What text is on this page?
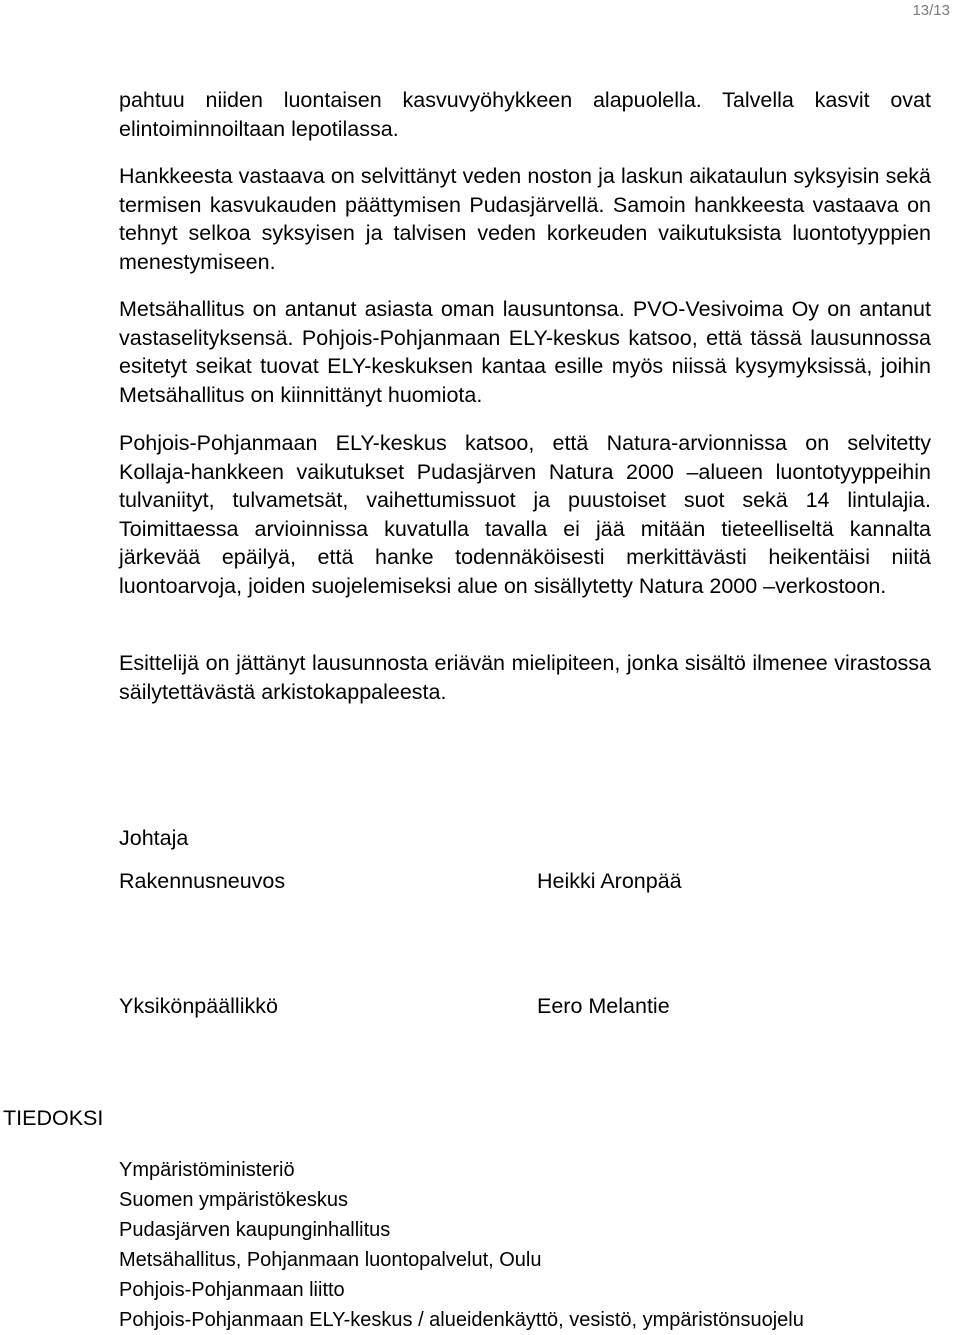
13/13

pahtuu niiden luontaisen kasvuvyöhykkeen alapuolella. Talvella kasvit ovat elintoiminnoiltaan lepotilassa.

Hankkeesta vastaava on selvittänyt veden noston ja laskun aikataulun syksyisin sekä termisen kasvukauden päättymisen Pudasjärvellä. Samoin hankkeesta vastaava on tehnyt selkoa syksyisen ja talvisen veden korkeuden vaikutuksista luontotyyppien menestymiseen.

Metsähallitus on antanut asiasta oman lausuntonsa. PVO-Vesivoima Oy on antanut vastaselityksensä. Pohjois-Pohjanmaan ELY-keskus katsoo, että tässä lausunnossa esitetyt seikat tuovat ELY-keskuksen kantaa esille myös niissä kysymyksissä, joihin Metsähallitus on kiinnittänyt huomiota.

Pohjois-Pohjanmaan ELY-keskus katsoo, että Natura-arvionnissa on selvitetty Kollaja-hankkeen vaikutukset Pudasjärven Natura 2000 –alueen luontotyyppeihin tulvaniityt, tulvametsät, vaihettumissuot ja puustoiset suot sekä 14 lintulajia. Toimittaessa arvioinnissa kuvatulla tavalla ei jää mitään tieteelliseltä kannalta järkevää epäilyä, että hanke todennäköisesti merkittävästi heikentäisi niitä luontoarvoja, joiden suojelemiseksi alue on sisällytetty Natura 2000 –verkostoon.

Esittelijä on jättänyt lausunnosta eriävän mielipiteen, jonka sisältö ilmenee virastossa säilytettävästä arkistokappaleesta.

Johtaja
Rakennusneuvos	Heikki Aronpää
Yksikönpäällikkö	Eero Melantie
TIEDOKSI
Ympäristöministeriö
Suomen ympäristökeskus
Pudasjärven kaupunginhallitus
Metsähallitus, Pohjanmaan luontopalvelut, Oulu
Pohjois-Pohjanmaan liitto
Pohjois-Pohjanmaan ELY-keskus / alueidenkäyttö, vesistö, ympäristönsuojelu
